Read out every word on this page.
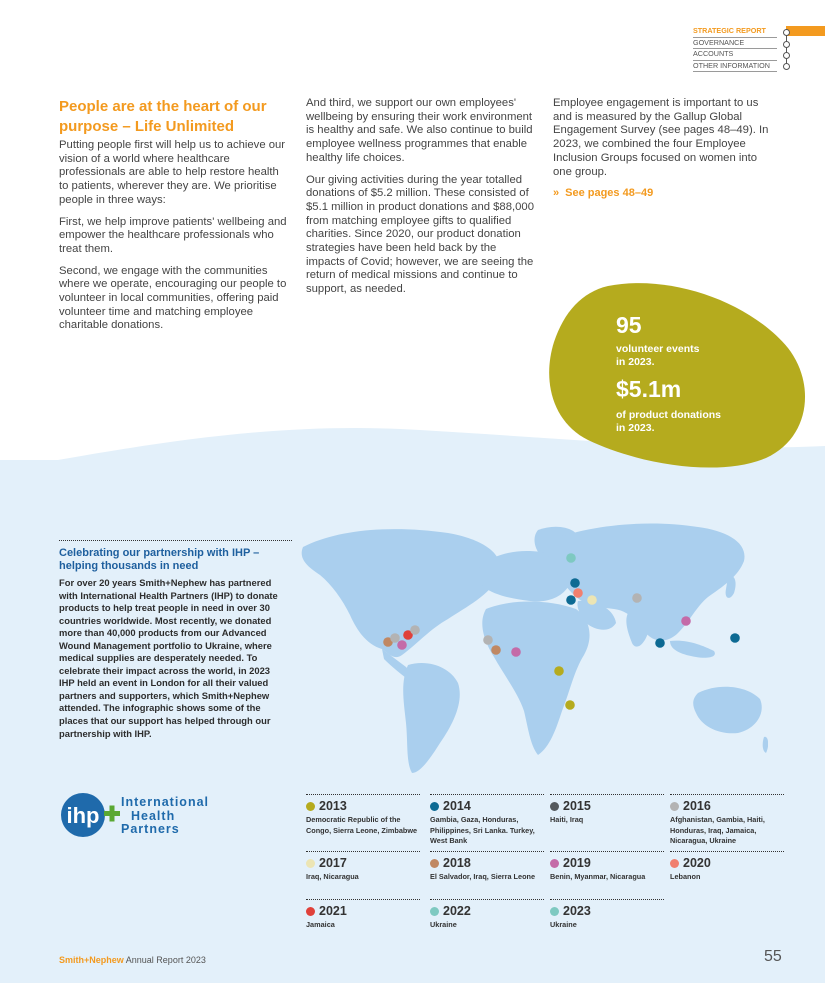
STRATEGIC REPORT
GOVERNANCE
ACCOUNTS
OTHER INFORMATION
People are at the heart of our purpose – Life Unlimited

Putting people first will help us to achieve our vision of a world where healthcare professionals are able to help restore health to patients, wherever they are. We prioritise people in three ways:

First, we help improve patients' wellbeing and empower the healthcare professionals who treat them.

Second, we engage with the communities where we operate, encouraging our people to volunteer in local communities, offering paid volunteer time and matching employee charitable donations.

And third, we support our own employees' wellbeing by ensuring their work environment is healthy and safe. We also continue to build employee wellness programmes that enable healthy life choices.

Our giving activities during the year totalled donations of $5.2 million. These consisted of $5.1 million in product donations and $88,000 from matching employee gifts to qualified charities. Since 2020, our product donation strategies have been held back by the impacts of Covid; however, we are seeing the return of medical missions and continue to support, as needed.

Employee engagement is important to us and is measured by the Gallup Global Engagement Survey (see pages 48–49). In 2023, we combined the four Employee Inclusion Groups focused on women into one group.

» See pages 48–49
95
volunteer events
in 2023.
$5.1m
of product donations
in 2023.
Celebrating our partnership with IHP – helping thousands in need
For over 20 years Smith+Nephew has partnered with International Health Partners (IHP) to donate products to help treat people in need in over 30 countries worldwide. Most recently, we donated more than 40,000 products from our Advanced Wound Management portfolio to Ukraine, where medical supplies are desperately needed. To celebrate their impact across the world, in 2023 IHP held an event in London for all their valued partners and supporters, which Smith+Nephew attended. The infographic shows some of the places that our support has helped through our partnership with IHP.
ihp
International
Health
Partners
2013
Democratic Republic of the Congo, Sierra Leone, Zimbabwe
2014
Gambia, Gaza, Honduras, Philippines, Sri Lanka. Turkey, West Bank
2015
Haiti, Iraq
2016
Afghanistan, Gambia, Haiti, Honduras, Iraq, Jamaica, Nicaragua, Ukraine
2017
Iraq, Nicaragua
2018
El Salvador, Iraq, Sierra Leone
2019
Benin, Myanmar, Nicaragua
2020
Lebanon
2021
Jamaica
2022
Ukraine
2023
Ukraine
Smith+Nephew Annual Report 2023	55
